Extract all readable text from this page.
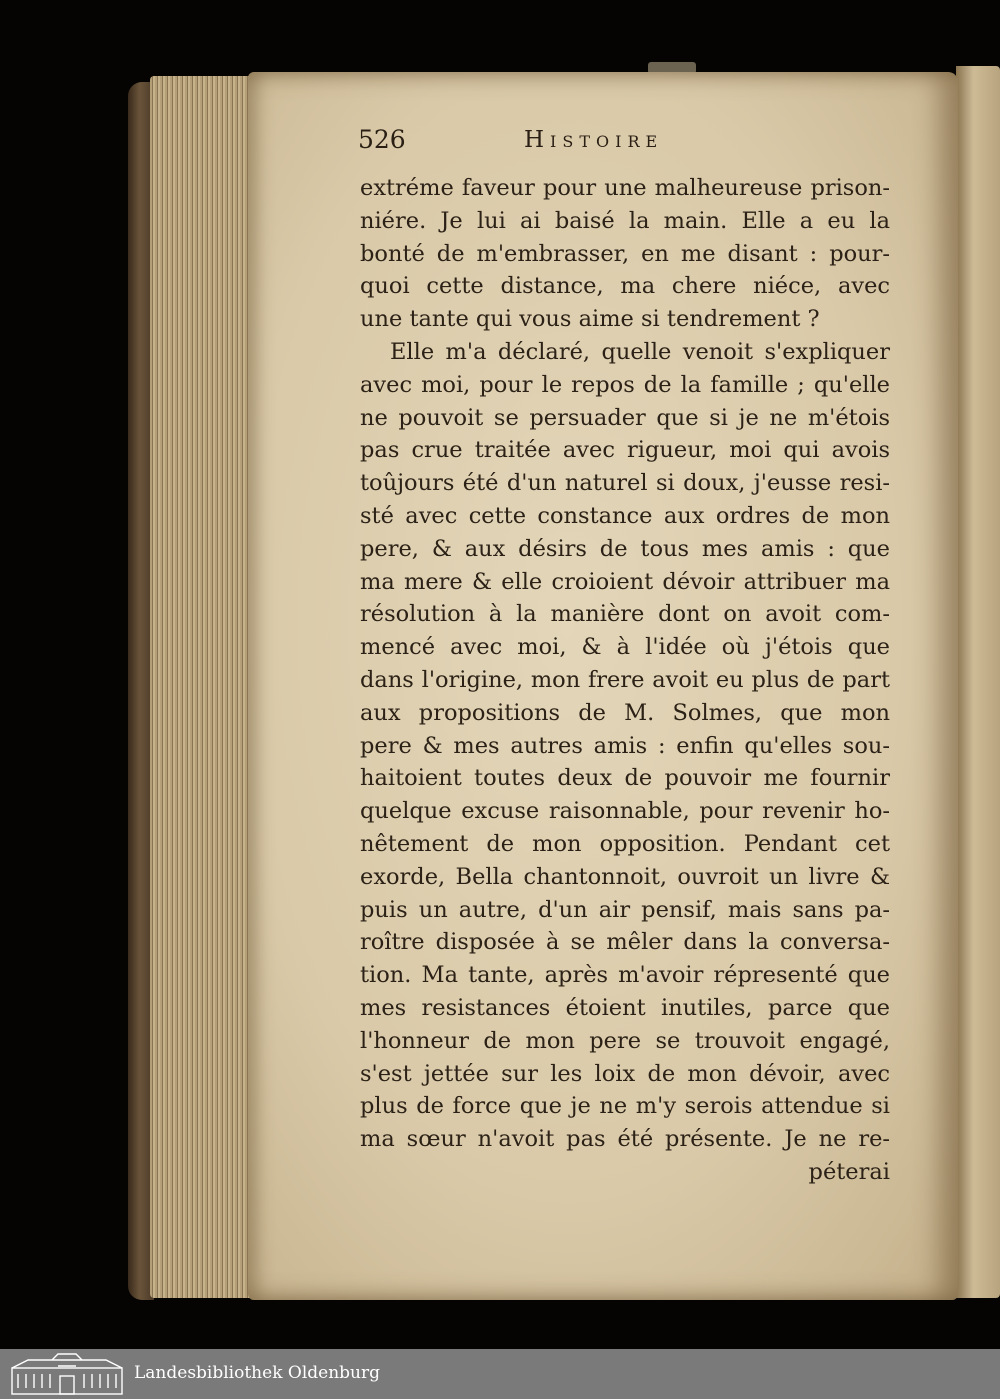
526	Histoire
extréme faveur pour une malheureuse prison-
niére. Je lui ai baisé la main. Elle a eu la
bonté de m'embrasser, en me disant : pour-
quoi cette distance, ma chere niéce, avec
une tante qui vous aime si tendrement ?
Elle m'a déclaré, quelle venoit s'expliquer
avec moi, pour le repos de la famille ; qu'elle
ne pouvoit se persuader que si je ne m'étois
pas crue traitée avec rigueur, moi qui avois
toûjours été d'un naturel si doux, j'eusse resi-
sté avec cette constance aux ordres de mon
pere, & aux désirs de tous mes amis : que
ma mere & elle croioient dévoir attribuer ma
résolution à la manière dont on avoit com-
mencé avec moi, & à l'idée où j'étois que
dans l'origine, mon frere avoit eu plus de part
aux propositions de M. Solmes, que mon
pere & mes autres amis : enfin qu'elles sou-
haitoient toutes deux de pouvoir me fournir
quelque excuse raisonnable, pour revenir ho-
nêtement de mon opposition. Pendant cet
exorde, Bella chantonnoit, ouvroit un livre &
puis un autre, d'un air pensif, mais sans pa-
roître disposée à se mêler dans la conversa-
tion. Ma tante, après m'avoir répresenté que
mes resistances étoient inutiles, parce que
l'honneur de mon pere se trouvoit engagé,
s'est jettée sur les loix de mon dévoir, avec
plus de force que je ne m'y serois attendue si
ma sœur n'avoit pas été présente. Je ne re-
péterai
Landesbibliothek Oldenburg
